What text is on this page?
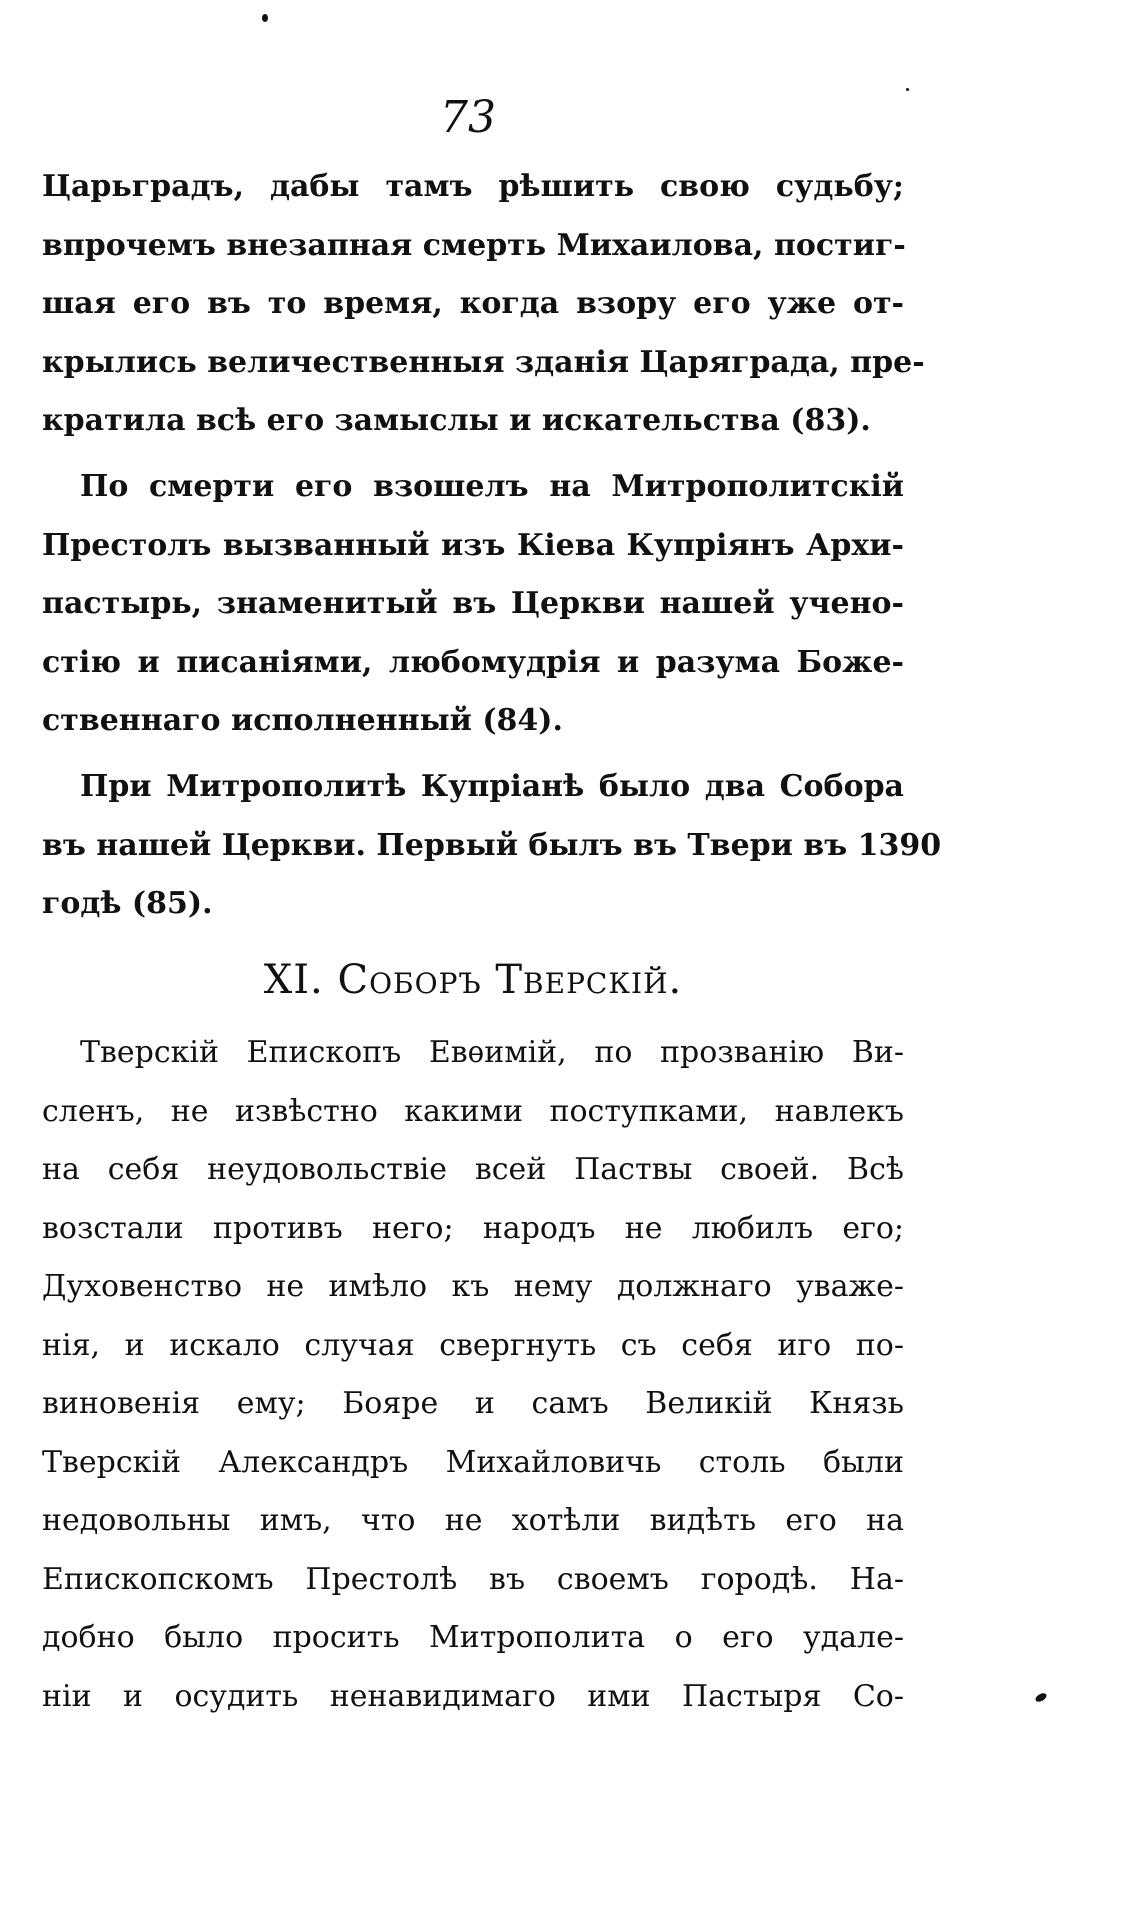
73
Царьградъ, дабы тамъ рѣшить свою судьбу;
впрочемъ внезапная смерть Михаилова, постиг-
шая его въ то время, когда взору его уже от-
крылись величественныя зданія Царяграда, пре-
кратила всѣ его замыслы и искательства (83).
По смерти его взошелъ на Митрополитскій
Престолъ вызванный изъ Кіева Купріянъ Архи-
пастырь, знаменитый въ Церкви нашей учено-
стію и писаніями, любомудрія и разума Боже-
ственнаго исполненный (84).
При Митрополитѣ Купріанѣ было два Собора
въ нашей Церкви. Первый былъ въ Твери въ 1390
годѣ (85).
XI. Соборъ Тверскій.
Тверскій Епископъ Евѳимій, по прозванію Ви-
сленъ, не извѣстно какими поступками, навлекъ
на себя неудовольствіе всей Паствы своей. Всѣ
возстали противъ него; народъ не любилъ его;
Духовенство не имѣло къ нему должнаго уваже-
нія, и искало случая свергнуть съ себя иго по-
виновенія ему; Бояре и самъ Великій Князь
Тверскій Александръ Михайловичь столь были
недовольны имъ, что не хотѣли видѣть его на
Епископскомъ Престолѣ въ своемъ городѣ. На-
добно было просить Митрополита о его удале-
ніи и осудить ненавидимаго ими Пастыря Со-
